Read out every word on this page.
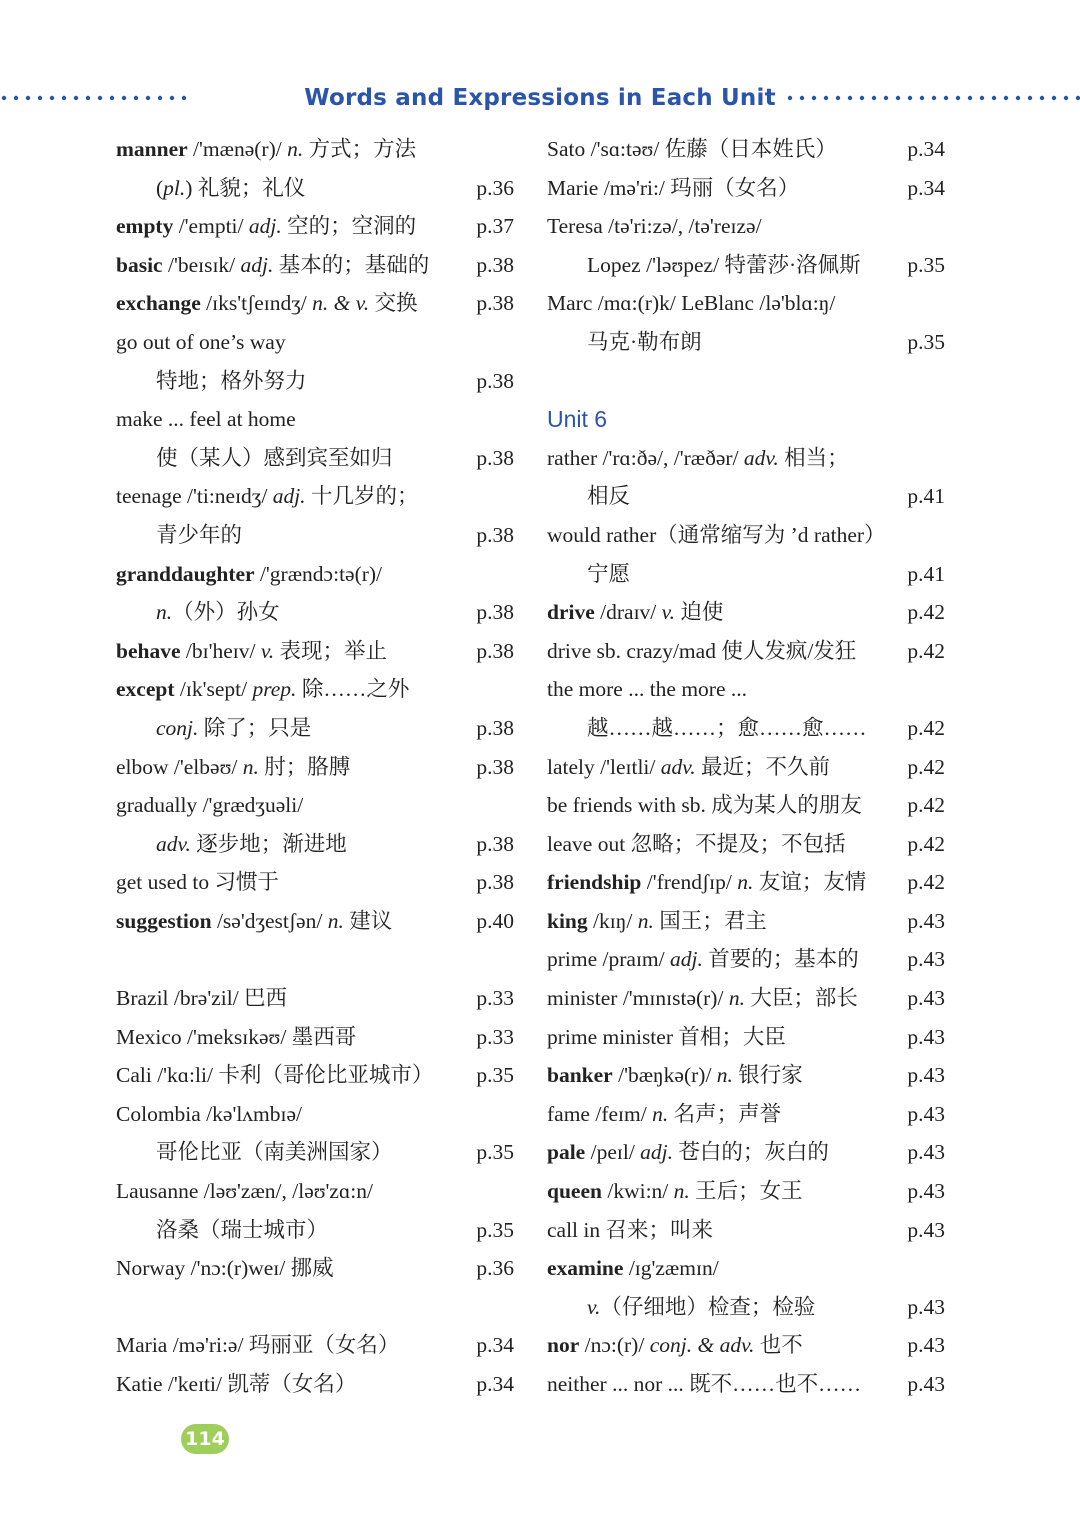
Words and Expressions in Each Unit
manner /'mænə(r)/ n. 方式；方法
(pl.) 礼貌；礼仪	p.36
empty /'empti/ adj. 空的；空洞的	p.37
basic /'beɪsɪk/ adj. 基本的；基础的 p.38
exchange /ɪks'tʃeɪndʒ/ n. & v. 交换	p.38
go out of one’s way
特地；格外努力	p.38
make ... feel at home
使（某人）感到宾至如归	p.38
teenage /'ti:neɪdʒ/ adj. 十几岁的；
青少年的	p.38
granddaughter /'grændɔ:tə(r)/
n.（外）孙女	p.38
behave /bɪ'heɪv/ v. 表现；举止	p.38
except /ɪk'sept/ prep. 除……之外
conj. 除了；只是	p.38
elbow /'elbəʊ/ n. 肘；胳膊	p.38
gradually /'grædʒuəli/
adv. 逐步地；渐进地	p.38
get used to 习惯于	p.38
suggestion /sə'dʒestʃən/ n. 建议	p.40
Brazil /brə'zil/ 巴西	p.33
Mexico /'meksɪkəʊ/ 墨西哥	p.33
Cali /'kɑ:li/ 卡利（哥伦比亚城市） p.35
Colombia /kə'lʌmbɪə/
哥伦比亚（南美洲国家）	p.35
Lausanne /ləʊ'zæn/, /ləʊ'zɑ:n/
洛桑（瑞士城市）	p.35
Norway /'nɔ:(r)weɪ/ 挪威	p.36
Maria /mə'ri:ə/ 玛丽亚（女名）	p.34
Katie /'keɪti/ 凯蒂（女名）	p.34
Sato /'sɑ:təʊ/ 佐藤（日本姓氏）	p.34
Marie /mə'ri:/ 玛丽（女名）	p.34
Teresa /tə'ri:zə/, /tə'reɪzə/
Lopez /'ləʊpez/ 特蕾莎·洛佩斯 p.35
Marc /mɑ:(r)k/ LeBlanc /lə'blɑ:ŋ/
马克·勒布朗	p.35
Unit 6
rather /'rɑ:ðə/, /'ræðər/ adv. 相当；
相反	p.41
would rather（通常缩写为 ’d rather）
宁愿	p.41
drive /draɪv/ v. 迫使	p.42
drive sb. crazy/mad 使人发疯/发狂 p.42
the more ... the more ...
越……越……；愈……愈…… p.42
lately /'leɪtli/ adv. 最近；不久前	p.42
be friends with sb. 成为某人的朋友 p.42
leave out 忽略；不提及；不包括	p.42
friendship /'frendʃɪp/ n. 友谊；友情 p.42
king /kɪŋ/ n. 国王；君主	p.43
prime /praɪm/ adj. 首要的；基本的 p.43
minister /'mɪnɪstə(r)/ n. 大臣；部长 p.43
prime minister 首相；大臣	p.43
banker /'bæŋkə(r)/ n. 银行家	p.43
fame /feɪm/ n. 名声；声誉	p.43
pale /peɪl/ adj. 苍白的；灰白的	p.43
queen /kwi:n/ n. 王后；女王	p.43
call in 召来；叫来	p.43
examine /ɪg'zæmɪn/
v.（仔细地）检查；检验	p.43
nor /nɔ:(r)/ conj. & adv. 也不	p.43
neither ... nor ... 既不……也不…… p.43
114
